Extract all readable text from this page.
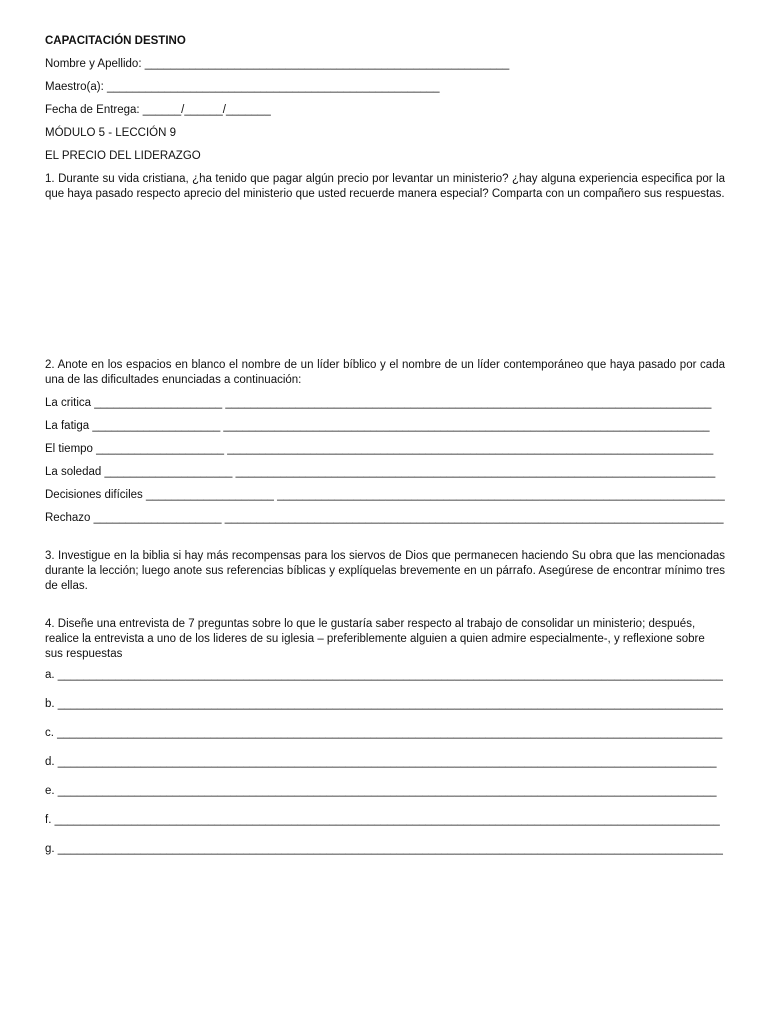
CAPACITACIÓN DESTINO
Nombre y Apellido: _________________________________________________________
Maestro(a): ____________________________________________________
Fecha de Entrega: ______/______/_______
MÓDULO 5 - LECCIÓN 9
EL PRECIO DEL LIDERAZGO
1. Durante su vida cristiana, ¿ha tenido que pagar algún precio por levantar un ministerio? ¿hay alguna experiencia especifica por la que haya pasado respecto aprecio del ministerio que usted recuerde manera especial? Comparta con un compañero sus respuestas.
2. Anote en los espacios en blanco el nombre de un líder bíblico y el nombre de un líder contemporáneo que haya pasado por cada una de las dificultades enunciadas a continuación:
La critica ____________________ ____________________________________________________________________________
La fatiga ____________________ ____________________________________________________________________________
El tiempo ____________________ ____________________________________________________________________________
La soledad ____________________ ___________________________________________________________________________
Decisiones difíciles ____________________ ______________________________________________________________________
Rechazo ____________________ ______________________________________________________________________________
3. Investigue en la biblia si hay más recompensas para los siervos de Dios que permanecen haciendo Su obra que las mencionadas durante la lección; luego anote sus referencias bíblicas y explíquelas brevemente en un párrafo. Asegúrese de encontrar mínimo tres de ellas.
4. Diseñe una entrevista de 7 preguntas sobre lo que le gustaría saber respecto al trabajo de consolidar un ministerio; después, realice la entrevista a uno de los lideres de su iglesia – preferiblemente alguien a quien admire especialmente-, y reflexione sobre sus respuestas
a. ________________________________________________________________________________________________________
b. ________________________________________________________________________________________________________
c. ________________________________________________________________________________________________________
d. _______________________________________________________________________________________________________
e. _______________________________________________________________________________________________________
f. ________________________________________________________________________________________________________
g. ________________________________________________________________________________________________________
